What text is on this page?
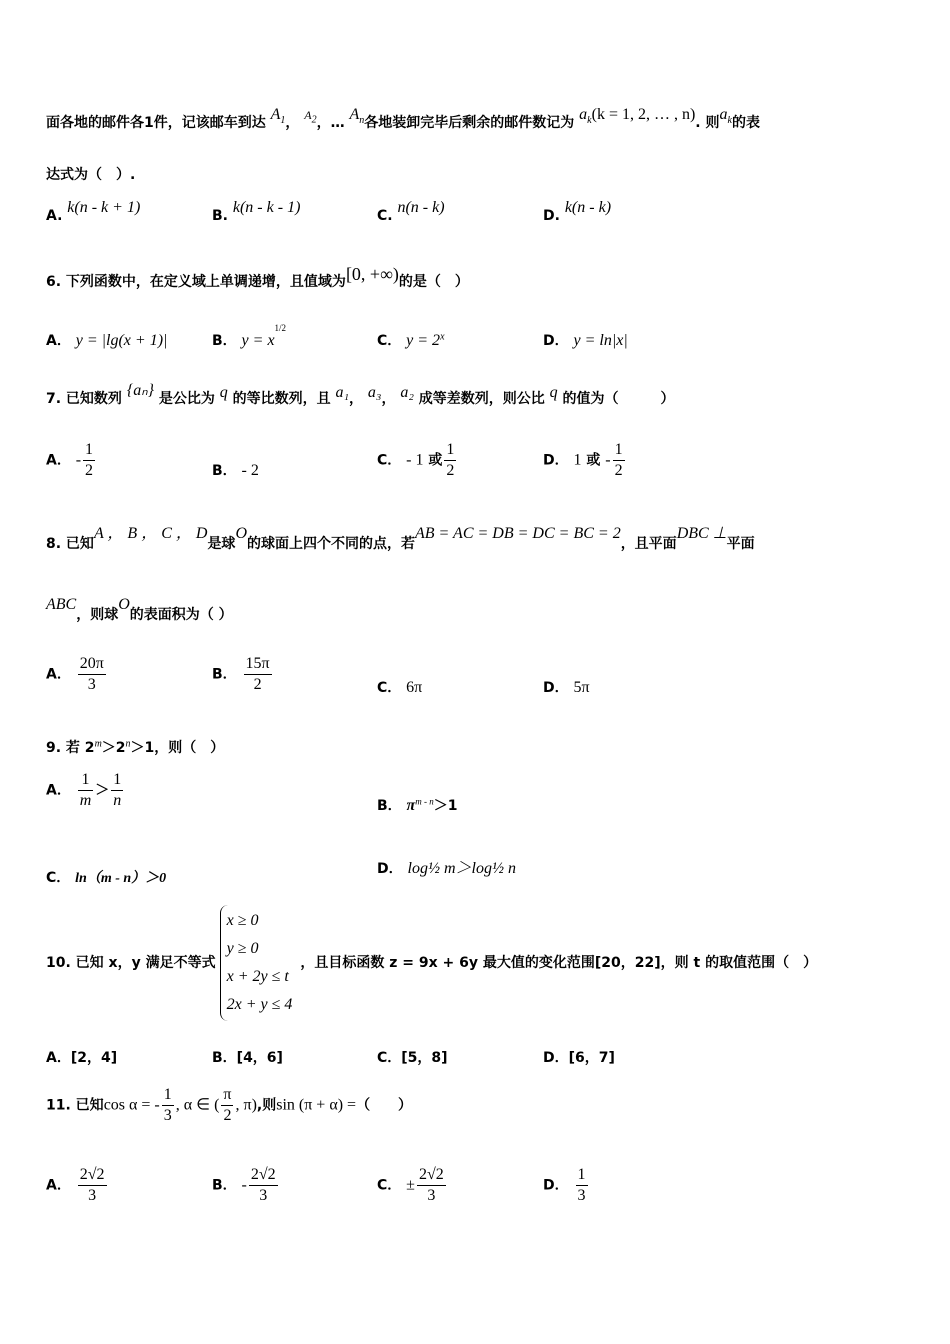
面各地的邮件各1件，记该邮车到达 $A_1$， $A_2$，… $A_n$各地装卸完毕后剩余的邮件数记为 $a_k(k = 1$, 2, … , n). 则$a_k$的表
达式为（　）.
A. k(n - k + 1)	B. k(n - k - 1)	C. n(n - k)	D. k(n - k)
6. 下列函数中，在定义域上单调递增，且值域为[0, +∞)的是（　）
A． y = |lg(x + 1)|	B． $y = x^{1/2}$
C． $y = 2^x$	D． y = ln|x|
7. 已知数列 {aₙ} 是公比为 q 的等比数列，且 a₁， a₃， a₂ 成等差数列，则公比 q 的值为（　　　）
A． - $\frac{1}{2}$	B． - 2
C． - 1 或 $\frac{1}{2}$	D． 1 或 - $\frac{1}{2}$
8. 已知A ， B ， C ， D是球O的球面上四个不同的点，若AB = AC = DB = DC = BC = 2，且平面DBC ⊥平面
ABC，则球O的表面积为（ ）
A． $\frac{20\pi}{3}$	B． $\frac{15\pi}{2}$	C． 6π	D． 5π
9. 若 $2^m>2^n>1$，则（　）
A． $\frac{1}{m} > \frac{1}{n}$	B． $\pi^{m - n}>1$
C． ln（m - n）＞0
D． log½ m＞log½ n
10. 已知 x，y 满足不等式
x ≥ 0
y ≥ 0
x + 2y ≤ t
2x + y ≤ 4
，且目标函数 z = 9x + 6y 最大值的变化范围[20，22]，则 t 的取值范围（　）
A．[2，4]	B．[4，6]	C．[5，8]	D．[6，7]
11. 已知cos α = - $\frac{1}{3}$ , α ∈ ( $\frac{\pi}{2}$ , π),则sin (π + α) =（　　）
A． $\frac{2√2}{3}$	B． - $\frac{2√2}{3}$	C． ± $\frac{2√2}{3}$	D． $\frac{1}{3}$
